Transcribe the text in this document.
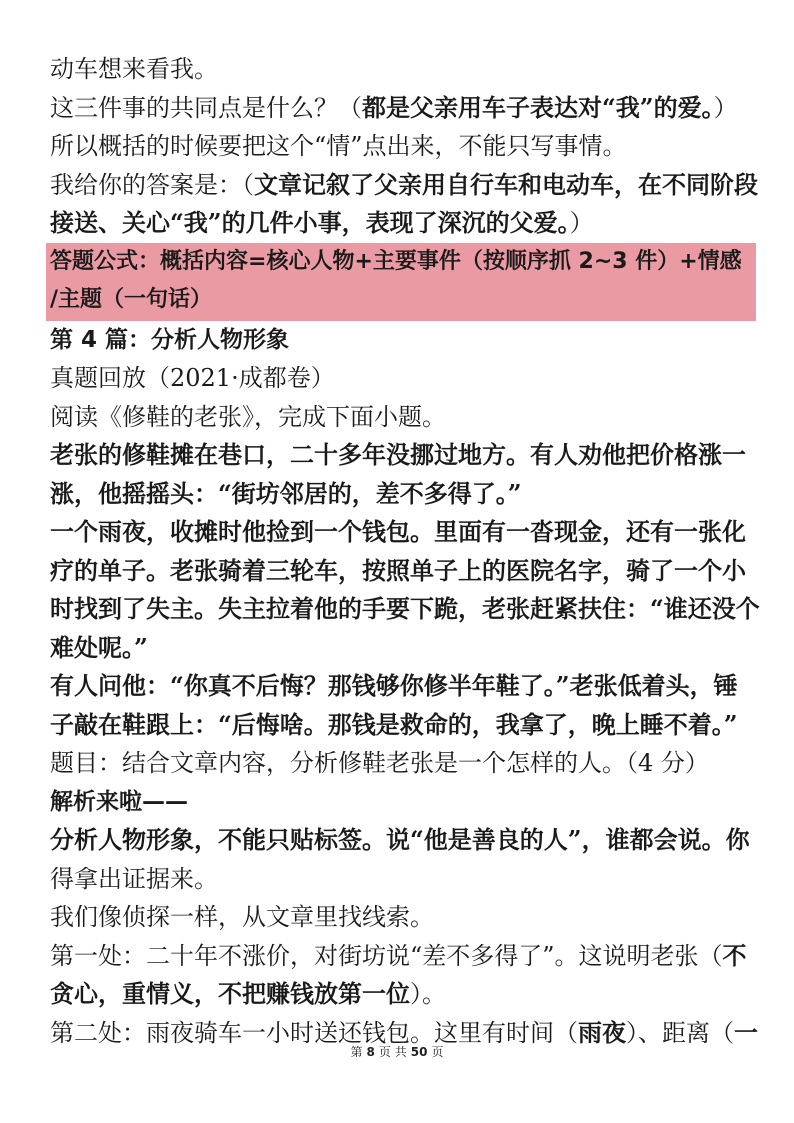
动车想来看我。
这三件事的共同点是什么？（都是父亲用车子表达对“我”的爱。）
所以概括的时候要把这个“情”点出来，不能只写事情。
我给你的答案是：（文章记叙了父亲用自行车和电动车，在不同阶段
接送、关心“我”的几件小事，表现了深沉的父爱。）
答题公式：概括内容=核心人物+主要事件（按顺序抓 2~3 件）+情感
/主题（一句话）
第 4 篇：分析人物形象
真题回放（2021·成都卷）
阅读《修鞋的老张》，完成下面小题。
老张的修鞋摊在巷口，二十多年没挪过地方。有人劝他把价格涨一
涨，他摇摇头：“街坊邻居的，差不多得了。”
一个雨夜，收摊时他捡到一个钱包。里面有一沓现金，还有一张化
疗的单子。老张骑着三轮车，按照单子上的医院名字，骑了一个小
时找到了失主。失主拉着他的手要下跪，老张赶紧扶住：“谁还没个
难处呢。”
有人问他：“你真不后悔？那钱够你修半年鞋了。”老张低着头，锤
子敲在鞋跟上：“后悔啥。那钱是救命的，我拿了，晚上睡不着。”
题目：结合文章内容，分析修鞋老张是一个怎样的人。（4 分）
解析来啦——
分析人物形象，不能只贴标签。说“他是善良的人”，谁都会说。你
得拿出证据来。
我们像侦探一样，从文章里找线索。
第一处：二十年不涨价，对街坊说“差不多得了”。这说明老张（不
贪心，重情义，不把赚钱放第一位）。
第二处：雨夜骑车一小时送还钱包。这里有时间（雨夜）、距离（一
第 8 页 共 50 页
